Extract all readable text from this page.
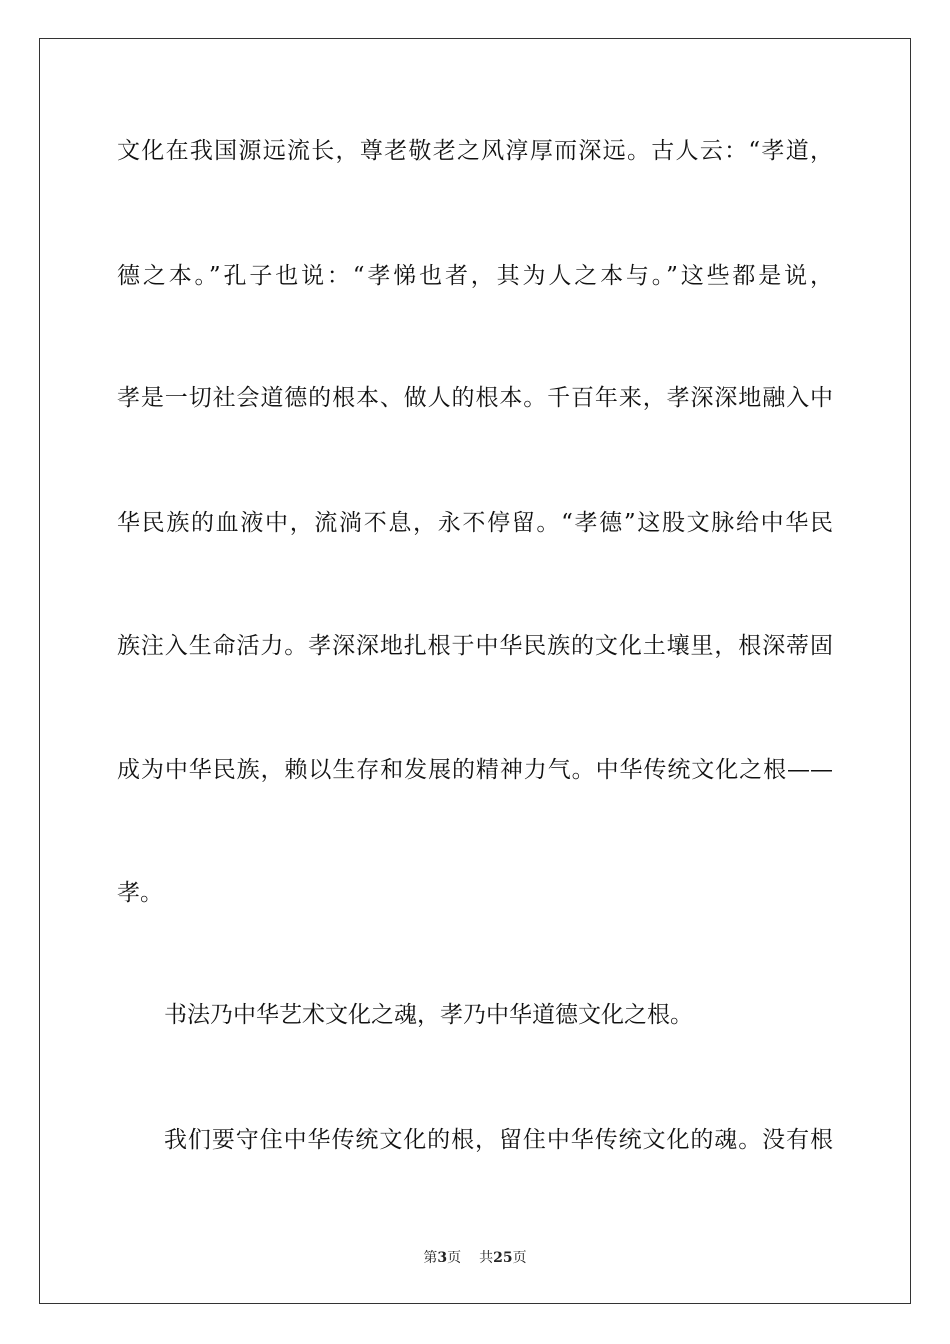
文化在我国源远流长，尊老敬老之风淳厚而深远。古人云：“孝道，
德之本。”孔子也说：“孝悌也者，其为人之本与。”这些都是说，
孝是一切社会道德的根本、做人的根本。千百年来，孝深深地融入中
华民族的血液中，流淌不息，永不停留。“孝德”这股文脉给中华民
族注入生命活力。孝深深地扎根于中华民族的文化土壤里，根深蒂固
成为中华民族，赖以生存和发展的精神力气。中华传统文化之根——
孝。
书法乃中华艺术文化之魂，孝乃中华道德文化之根。
我们要守住中华传统文化的根，留住中华传统文化的魂。没有根
第3页 共25页
